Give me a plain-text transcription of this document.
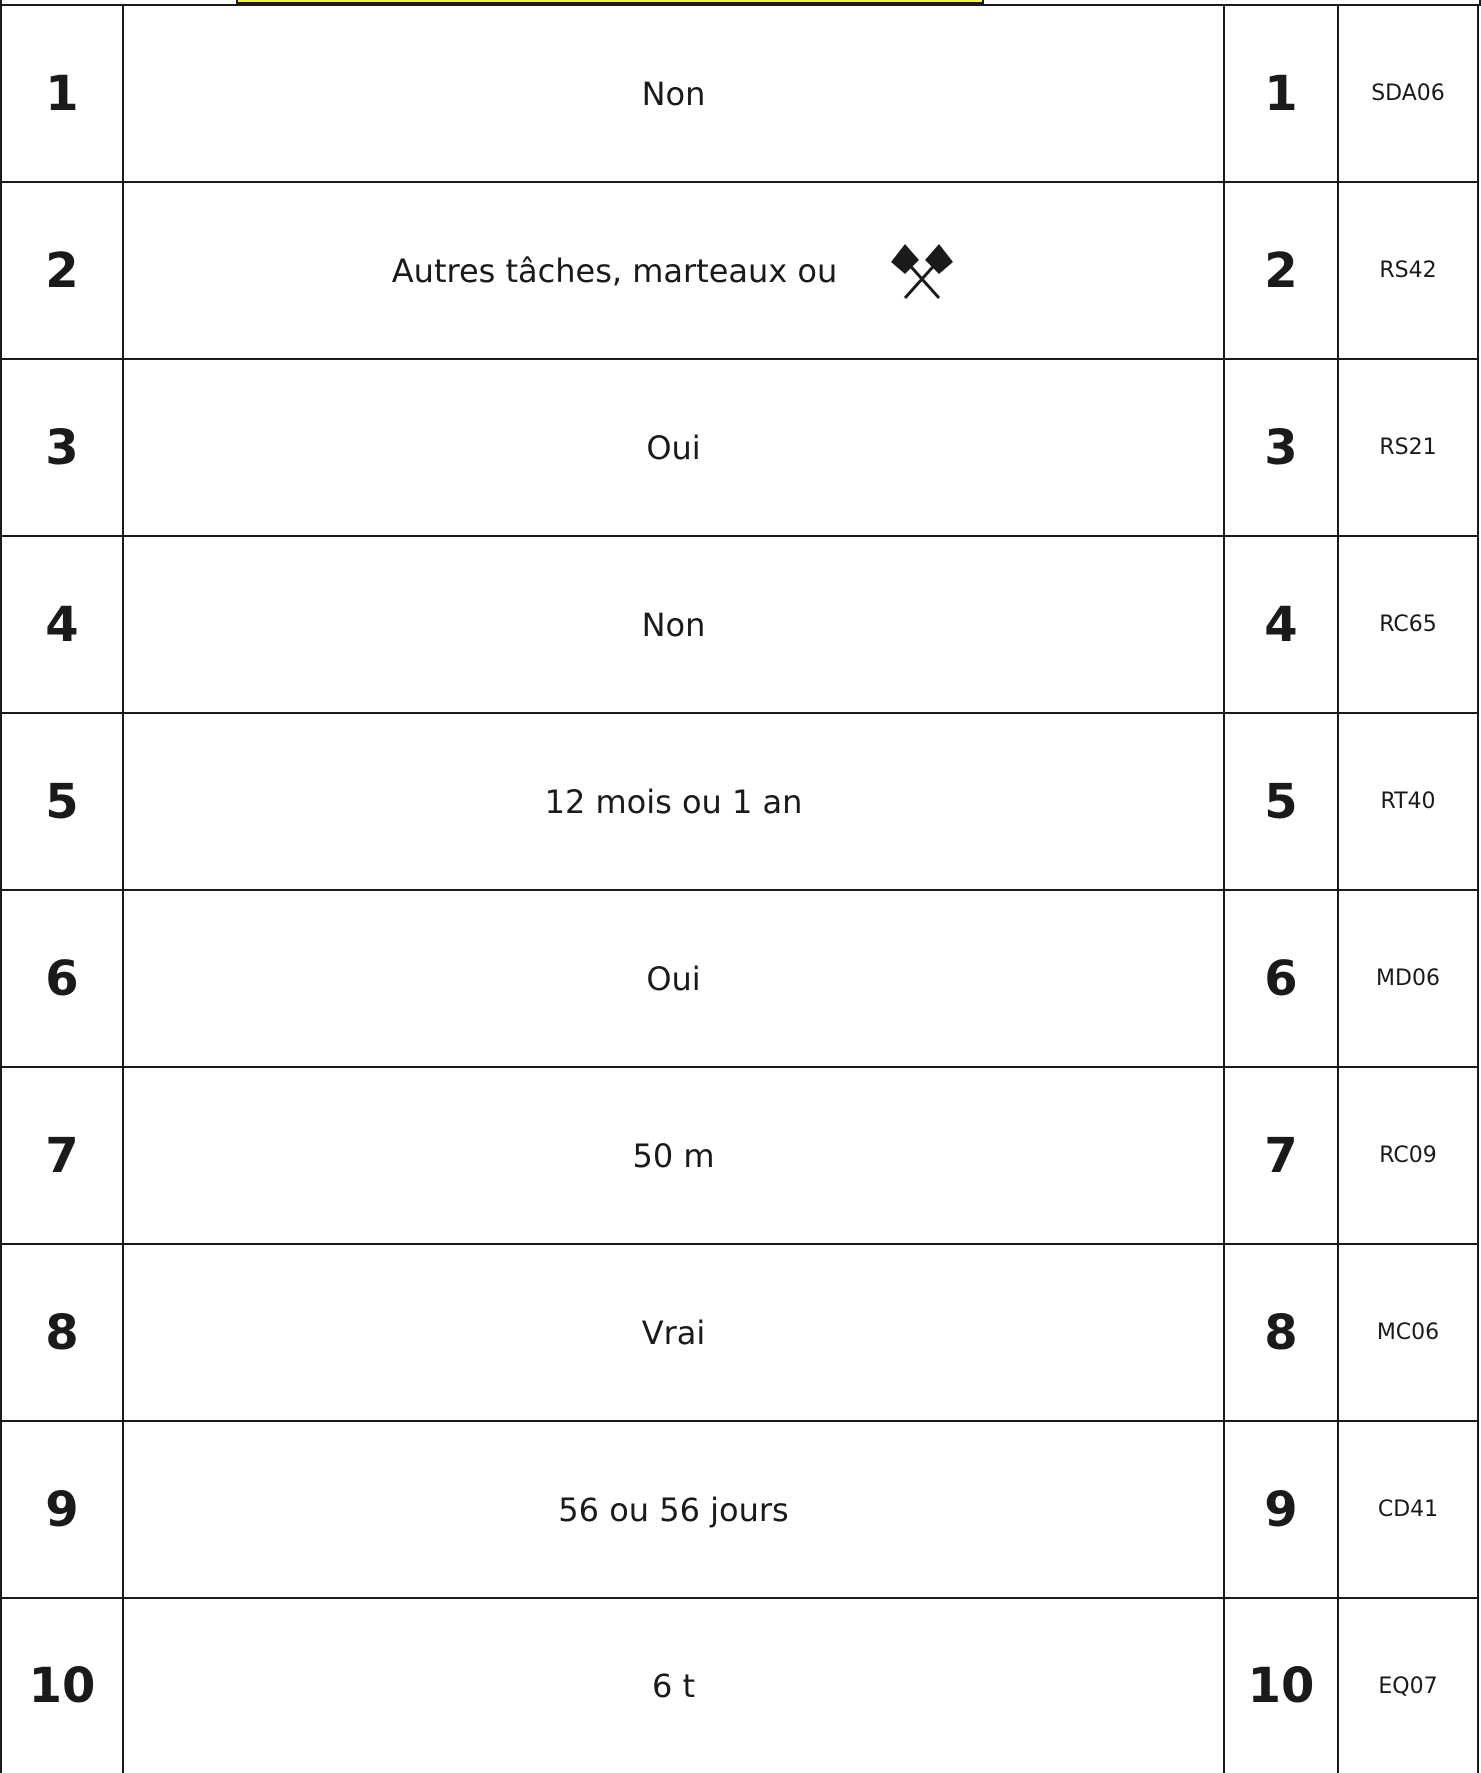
1	Non	1	SDA06
2	Autres tâches, marteaux ou	2	RS42
3	Oui	3	RS21
4	Non	4	RC65
5	12 mois ou 1 an	5	RT40
6	Oui	6	MD06
7	50 m	7	RC09
8	Vrai	8	MC06
9	56 ou 56 jours	9	CD41
10	6 t	10	EQ07
